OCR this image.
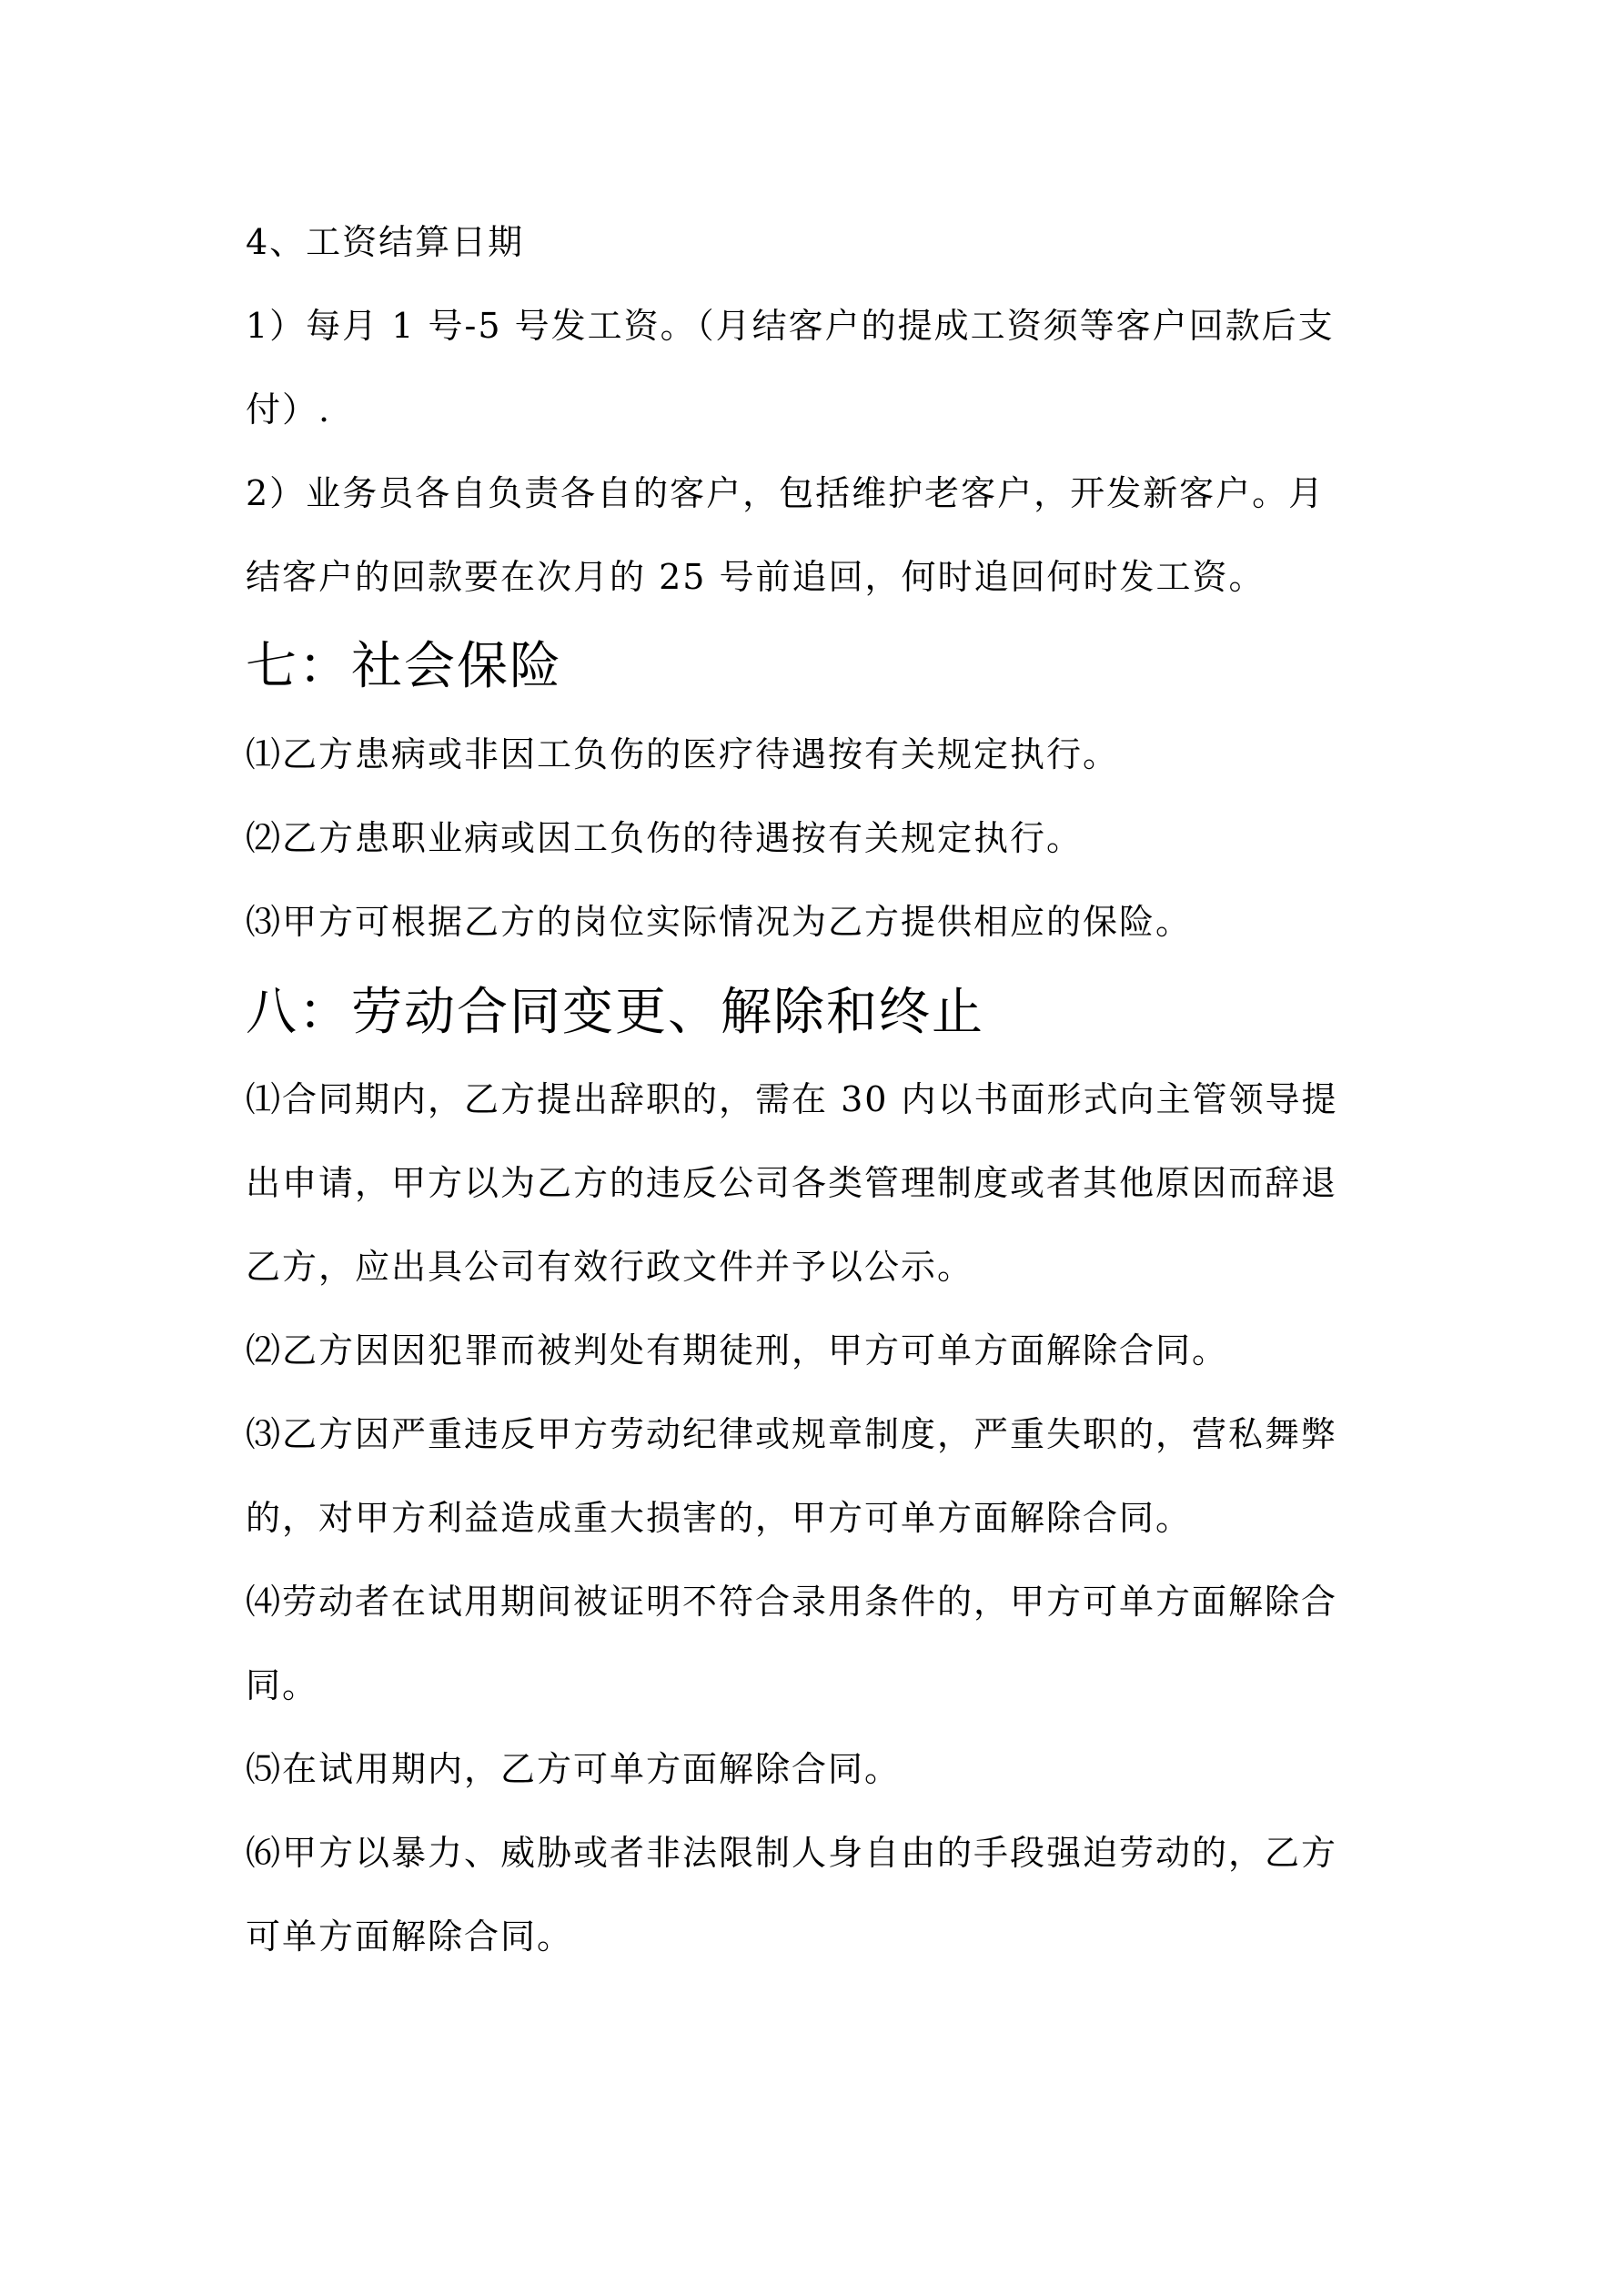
4、工资结算日期
1）每月 1 号-5 号发工资。（月结客户的提成工资须等客户回款后支
付）.
2）业务员各自负责各自的客户，包括维护老客户，开发新客户。月
结客户的回款要在次月的 25 号前追回，何时追回何时发工资。
七：社会保险
⑴乙方患病或非因工负伤的医疗待遇按有关规定执行。
⑵乙方患职业病或因工负伤的待遇按有关规定执行。
⑶甲方可根据乙方的岗位实际情况为乙方提供相应的保险。
八：劳动合同变更、解除和终止
⑴合同期内，乙方提出辞职的，需在 30 内以书面形式向主管领导提
出申请，甲方以为乙方的违反公司各类管理制度或者其他原因而辞退
乙方，应出具公司有效行政文件并予以公示。
⑵乙方因因犯罪而被判处有期徒刑，甲方可单方面解除合同。
⑶乙方因严重违反甲方劳动纪律或规章制度，严重失职的，营私舞弊
的，对甲方利益造成重大损害的，甲方可单方面解除合同。
⑷劳动者在试用期间被证明不符合录用条件的，甲方可单方面解除合
同。
⑸在试用期内，乙方可单方面解除合同。
⑹甲方以暴力、威胁或者非法限制人身自由的手段强迫劳动的，乙方
可单方面解除合同。
